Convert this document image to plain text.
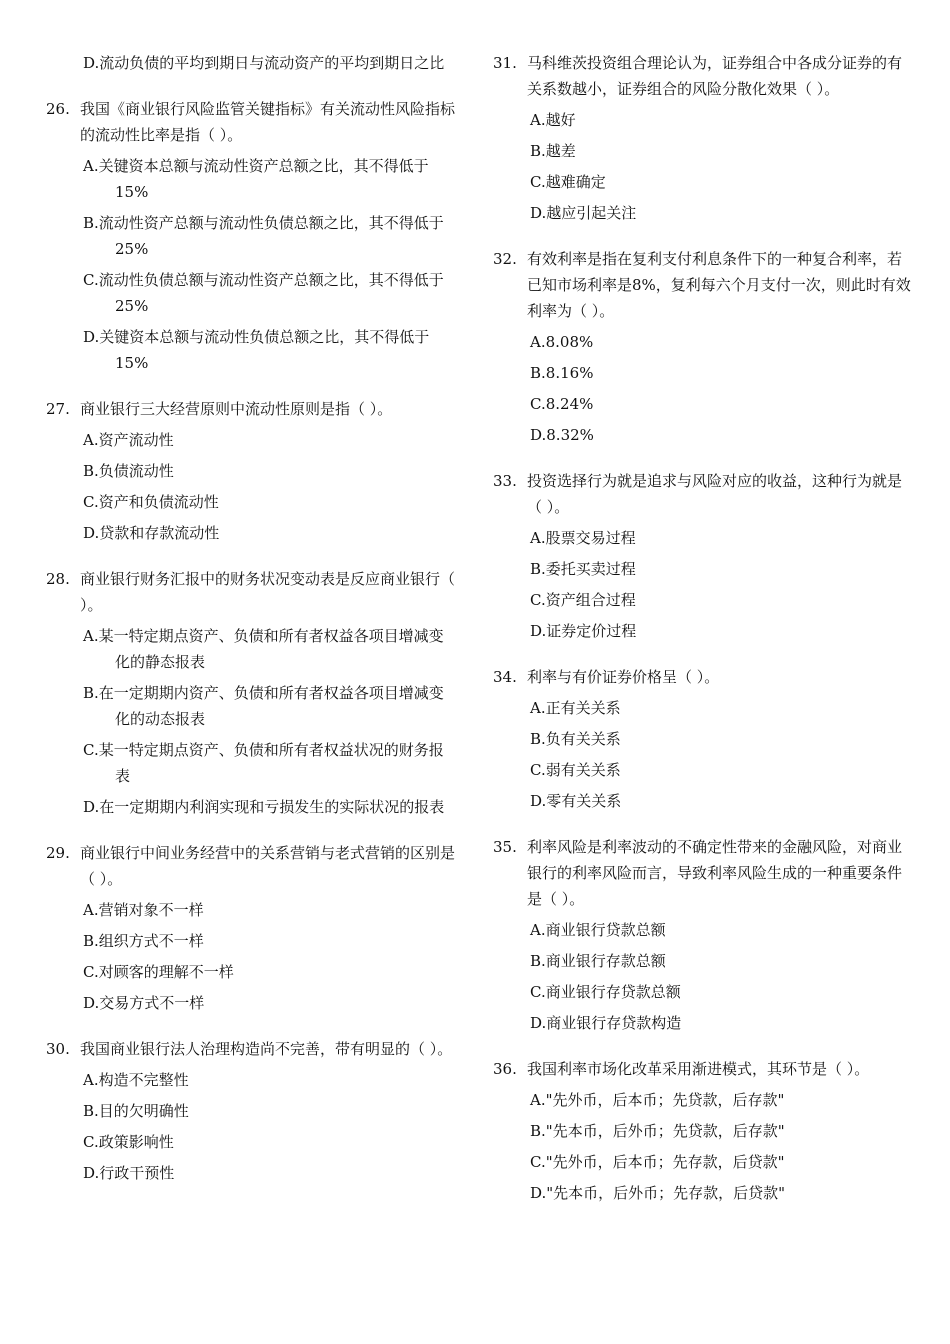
D.流动负债的平均到期日与流动资产的平均到期日之比
26. 我国《商业银行风险监管关键指标》有关流动性风险指标的流动性比率是指（ ）。
A.关键资本总额与流动性资产总额之比，其不得低于15%
B.流动性资产总额与流动性负债总额之比，其不得低于25%
C.流动性负债总额与流动性资产总额之比，其不得低于25%
D.关键资本总额与流动性负债总额之比，其不得低于15%
27. 商业银行三大经营原则中流动性原则是指（ ）。
A.资产流动性
B.负债流动性
C.资产和负债流动性
D.贷款和存款流动性
28. 商业银行财务汇报中的财务状况变动表是反应商业银行（ ）。
A.某一特定期点资产、负债和所有者权益各项目增减变化的静态报表
B.在一定期期内资产、负债和所有者权益各项目增减变化的动态报表
C.某一特定期点资产、负债和所有者权益状况的财务报表
D.在一定期期内利润实现和亏损发生的实际状况的报表
29. 商业银行中间业务经营中的关系营销与老式营销的区别是（ ）。
A.营销对象不一样
B.组织方式不一样
C.对顾客的理解不一样
D.交易方式不一样
30. 我国商业银行法人治理构造尚不完善，带有明显的（ ）。
A.构造不完整性
B.目的欠明确性
C.政策影响性
D.行政干预性
31. 马科维茨投资组合理论认为，证券组合中各成分证券的有关系数越小，证券组合的风险分散化效果（ ）。
A.越好
B.越差
C.越难确定
D.越应引起关注
32. 有效利率是指在复利支付利息条件下的一种复合利率，若已知市场利率是8%，复利每六个月支付一次，则此时有效利率为（ ）。
A.8.08%
B.8.16%
C.8.24%
D.8.32%
33. 投资选择行为就是追求与风险对应的收益，这种行为就是（ ）。
A.股票交易过程
B.委托买卖过程
C.资产组合过程
D.证券定价过程
34. 利率与有价证券价格呈（ ）。
A.正有关关系
B.负有关关系
C.弱有关关系
D.零有关关系
35. 利率风险是利率波动的不确定性带来的金融风险，对商业银行的利率风险而言，导致利率风险生成的一种重要条件是（ ）。
A.商业银行贷款总额
B.商业银行存款总额
C.商业银行存贷款总额
D.商业银行存贷款构造
36. 我国利率市场化改革采用渐进模式，其环节是（ ）。
A."先外币，后本币；先贷款，后存款"
B."先本币，后外币；先贷款，后存款"
C."先外币，后本币；先存款，后贷款"
D."先本币，后外币；先存款，后贷款"
